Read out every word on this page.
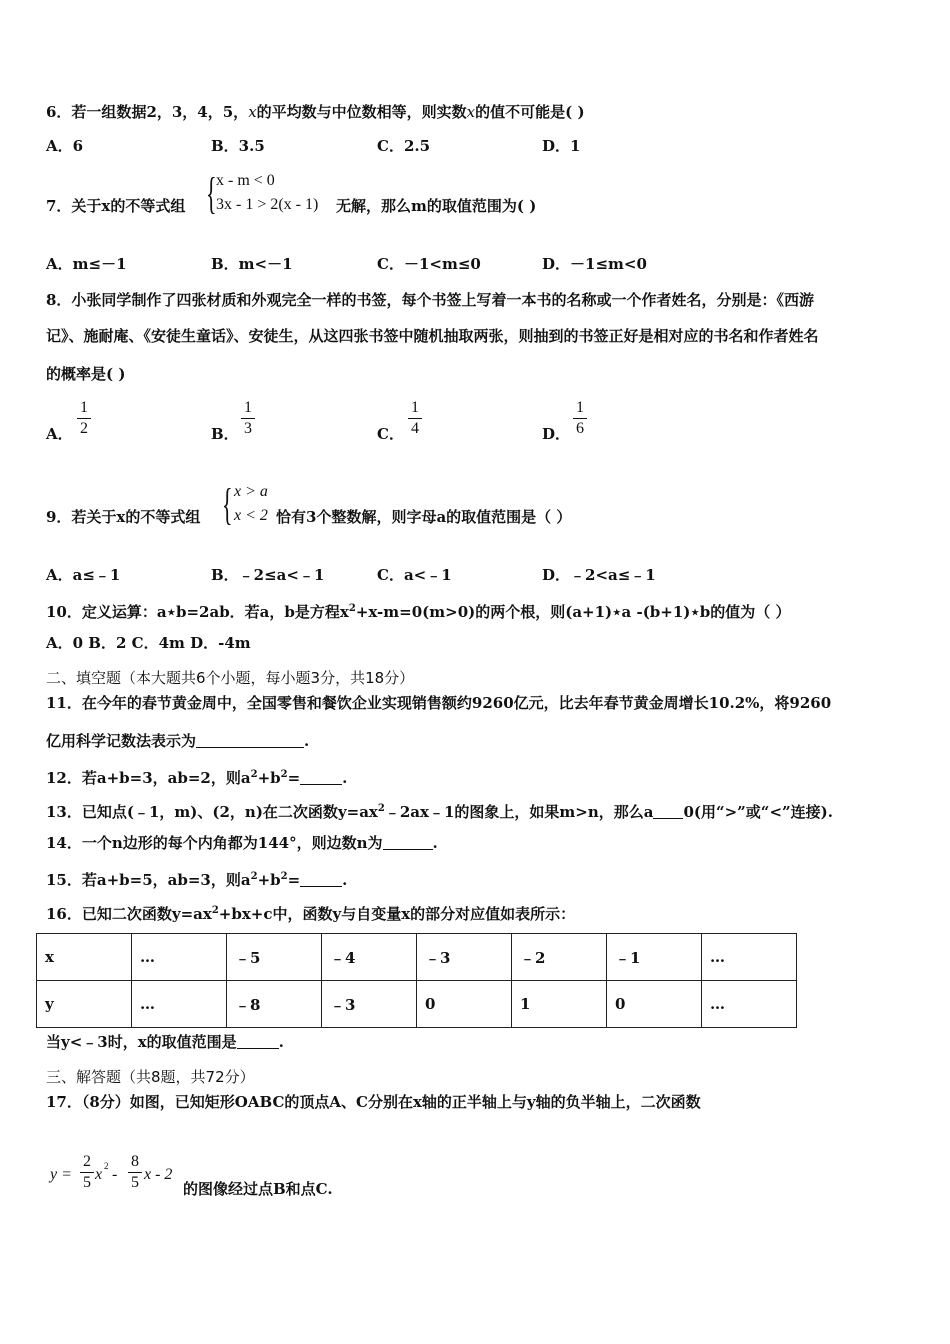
6．若一组数据2，3，4，5，x的平均数与中位数相等，则实数x的值不可能是( )
A．6	B．3.5	C．2.5	D．1
7．关于x的不等式组 { x - m < 0
3x - 1 > 2(x - 1) 无解，那么m的取值范围为( )
A．m≤－1	B．m<－1	C．－1<m≤0	D．－1≤m<0
8．小张同学制作了四张材质和外观完全一样的书签，每个书签上写着一本书的名称或一个作者姓名，分别是：《西游
记》、施耐庵、《安徒生童话》、安徒生，从这四张书签中随机抽取两张，则抽到的书签正好是相对应的书名和作者姓名
的概率是( )
A．
1
2	B．
1
3	C．
1
4	D．
1
6
9．若关于x的不等式组 { x > a
x < 2 恰有3个整数解，则字母a的取值范围是（ ）
A．a≤﹣1	B．﹣2≤a<﹣1	C．a<﹣1	D．﹣2<a≤﹣1
10．定义运算：a⋆b=2ab．若a，b是方程$x^2+x-m=0(m>0)$的两个根，则(a+1)⋆a -(b+1)⋆b的值为（ ）
A．0 B．2 C．4m D．-4m
二、填空题（本大题共6个小题，每小题3分，共18分）
11．在今年的春节黄金周中，全国零售和餐饮企业实现销售额约9260亿元，比去年春节黄金周增长10.2%，将9260
亿用科学记数法表示为	.
12．若a+b=3，ab=2，则$a^2+b^2=$	.
13．已知点(﹣1，m)、(2，n)在二次函数$y=ax^2﹣2ax﹣1$的图象上，如果m>n，那么a 0(用“>”或“<”连接).
14．一个n边形的每个内角都为144°，则边数n为	.
15．若a+b=5，ab=3，则$a^2+b^2=$	.
16．已知二次函数$y=ax^2+bx+c$中，函数y与自变量x的部分对应值如表所示：
x	…	﹣5	﹣4	﹣3	﹣2	﹣1	…
y	…	﹣8	﹣3	0	1	0	…
当y<﹣3时，x的取值范围是	.
三、解答题（共8题，共72分）
17．（8分）如图，已知矩形OABC的顶点A、C分别在x轴的正半轴上与y轴的负半轴上，二次函数
y =
2
5 x 2 -
8
5 x - 2
的图像经过点B和点C.
